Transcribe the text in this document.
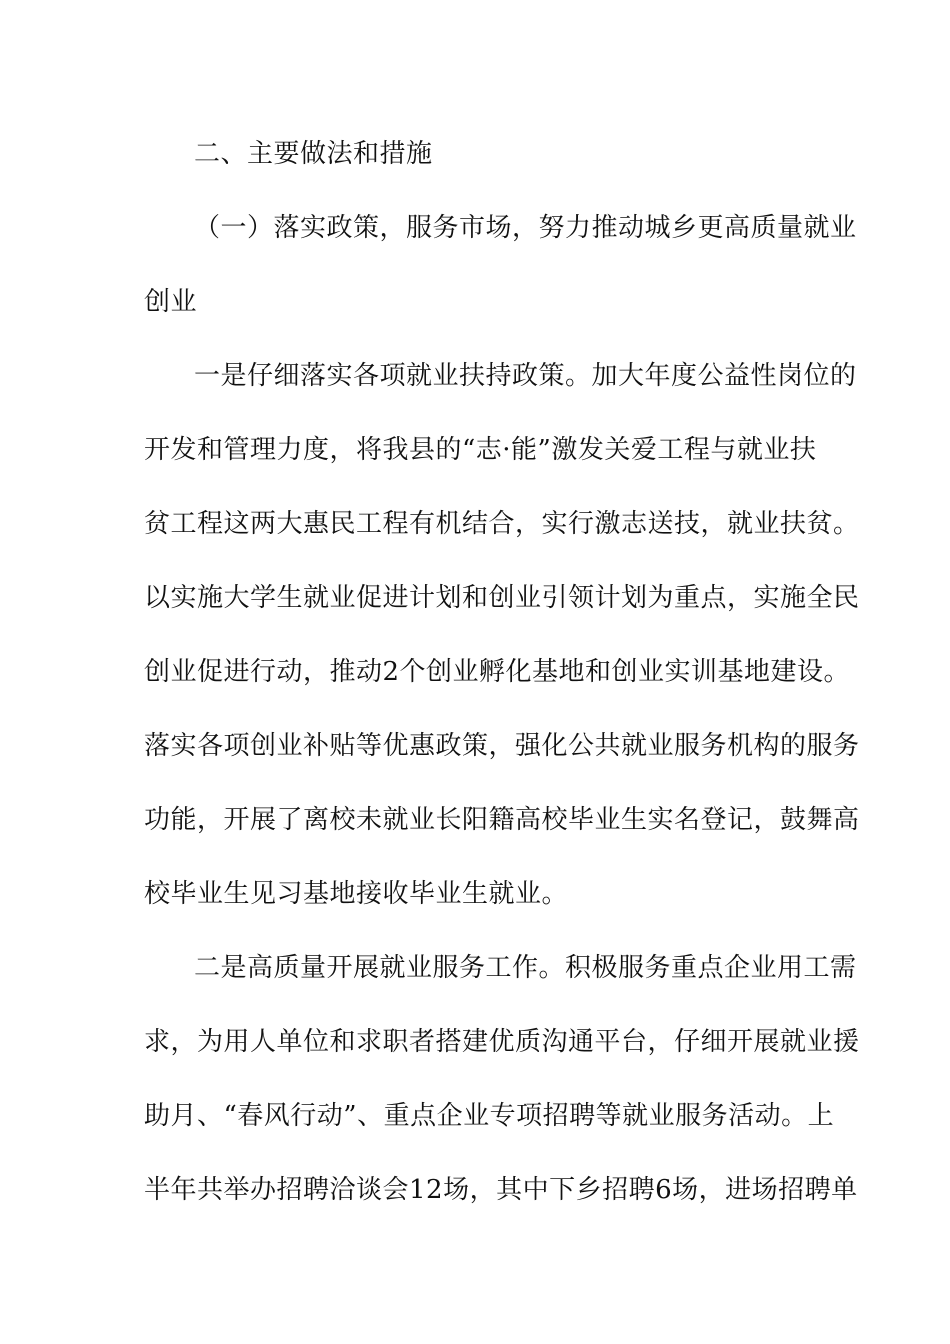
二、主要做法和措施
（一）落实政策，服务市场，努力推动城乡更高质量就业
创业
一是仔细落实各项就业扶持政策。加大年度公益性岗位的
开发和管理力度，将我县的“志·能”激发关爱工程与就业扶
贫工程这两大惠民工程有机结合，实行激志送技，就业扶贫。
以实施大学生就业促进计划和创业引领计划为重点，实施全民
创业促进行动，推动2个创业孵化基地和创业实训基地建设。
落实各项创业补贴等优惠政策，强化公共就业服务机构的服务
功能，开展了离校未就业长阳籍高校毕业生实名登记，鼓舞高
校毕业生见习基地接收毕业生就业。
二是高质量开展就业服务工作。积极服务重点企业用工需
求，为用人单位和求职者搭建优质沟通平台，仔细开展就业援
助月、“春风行动”、重点企业专项招聘等就业服务活动。上
半年共举办招聘洽谈会12场，其中下乡招聘6场，进场招聘单
